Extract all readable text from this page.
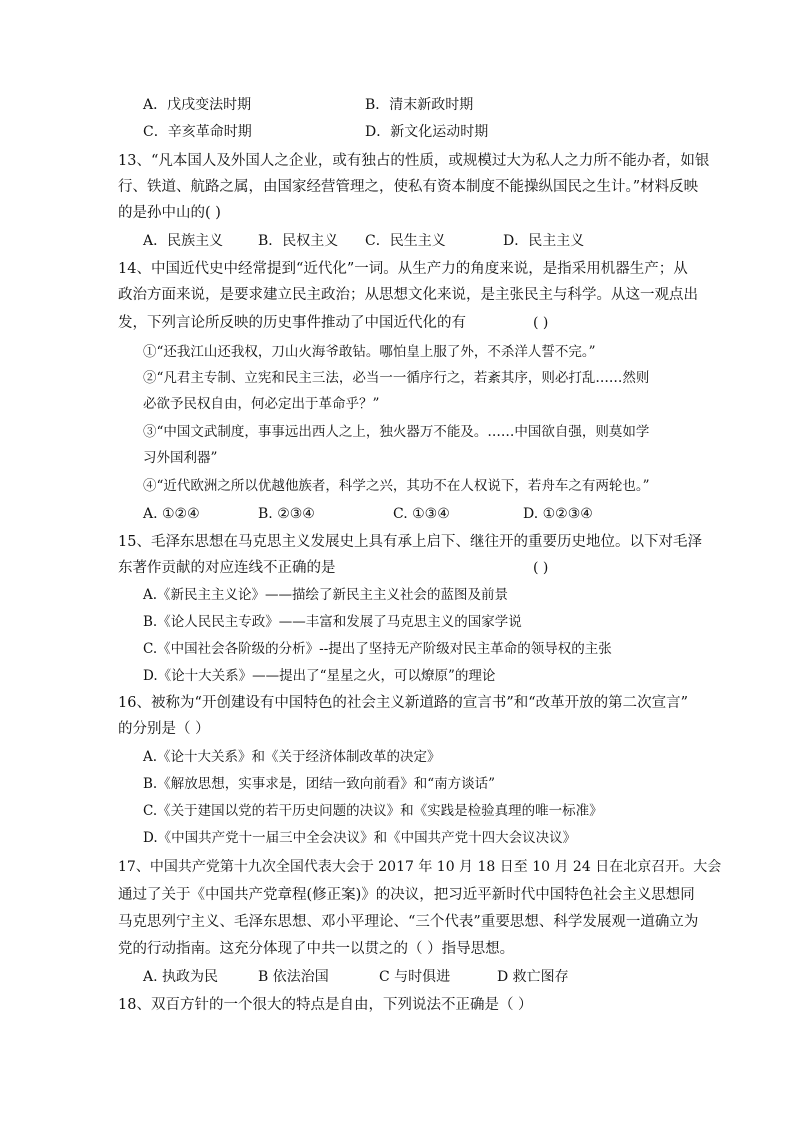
A．戊戌变法时期	B．清末新政时期
C．辛亥革命时期	D．新文化运动时期
13、“凡本国人及外国人之企业，或有独占的性质，或规模过大为私人之力所不能办者，如银
行、铁道、航路之属，由国家经营管理之，使私有资本制度不能操纵国民之生计。”材料反映
的是孙中山的( )
A．民族主义 B．民权主义 C．民生主义	D．民主主义
14、中国近代史中经常提到“近代化”一词。从生产力的角度来说，是指采用机器生产；从
政治方面来说，是要求建立民主政治；从思想文化来说，是主张民主与科学。从这一观点出
发，下列言论所反映的历史事件推动了中国近代化的有	( )
①“还我江山还我权，刀山火海爷敢钻。哪怕皇上服了外，不杀洋人誓不完。”
②“凡君主专制、立宪和民主三法，必当一一循序行之，若紊其序，则必打乱……然则
必欲予民权自由，何必定出于革命乎？”
③“中国文武制度，事事远出西人之上，独火器万不能及。……中国欲自强，则莫如学
习外国利器”
④“近代欧洲之所以优越他族者，科学之兴，其功不在人权说下，若舟车之有两轮也。”
A. ①②④	B. ②③④	C. ①③④	D. ①②③④
15、毛泽东思想在马克思主义发展史上具有承上启下、继往开的重要历史地位。以下对毛泽
东著作贡献的对应连线不正确的是	( )
A.《新民主主义论》——描绘了新民主主义社会的蓝图及前景
B.《论人民民主专政》——丰富和发展了马克思主义的国家学说
C.《中国社会各阶级的分析》--提出了坚持无产阶级对民主革命的领导权的主张
D.《论十大关系》——提出了“星星之火，可以燎原”的理论
16、被称为“开创建设有中国特色的社会主义新道路的宣言书”和“改革开放的第二次宣言”
的分别是（ ）
A.《论十大关系》和《关于经济体制改革的决定》
B.《解放思想，实事求是，团结一致向前看》和“南方谈话”
C.《关于建国以党的若干历史问题的决议》和《实践是检验真理的唯一标准》
D.《中国共产党十一届三中全会决议》和《中国共产党十四大会议决议》
17、中国共产党第十九次全国代表大会于 2017 年 10 月 18 日至 10 月 24 日在北京召开。大会
通过了关于《中国共产党章程(修正案)》的决议，把习近平新时代中国特色社会主义思想同
马克思列宁主义、毛泽东思想、邓小平理论、“三个代表”重要思想、科学发展观一道确立为
党的行动指南。这充分体现了中共一以贯之的（ ）指导思想。
A. 执政为民	B 依法治国	C 与时俱进	D 救亡图存
18、双百方针的一个很大的特点是自由，下列说法不正确是（ ）
